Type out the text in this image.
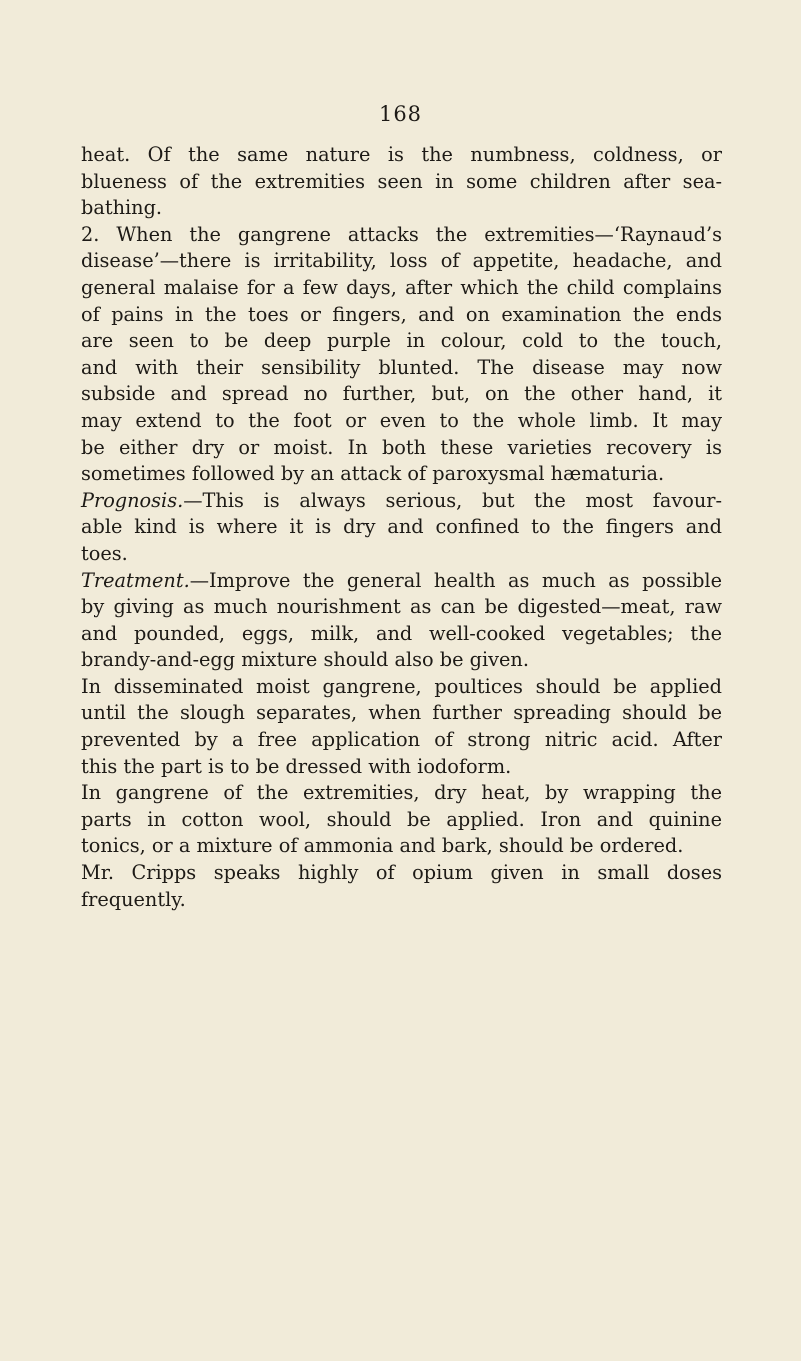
168
heat. Of the same nature is the numbness, coldness, or
blueness of the extremities seen in some children after sea-
bathing.
2. When the gangrene attacks the extremities—‘Raynaud’s
disease’—there is irritability, loss of appetite, headache, and
general malaise for a few days, after which the child complains
of pains in the toes or fingers, and on examination the ends
are seen to be deep purple in colour, cold to the touch,
and with their sensibility blunted. The disease may now
subside and spread no further, but, on the other hand, it
may extend to the foot or even to the whole limb. It may
be either dry or moist. In both these varieties recovery is
sometimes followed by an attack of paroxysmal hæmaturia.
Prognosis.—This is always serious, but the most favour-
able kind is where it is dry and confined to the fingers and
toes.
Treatment.—Improve the general health as much as possible
by giving as much nourishment as can be digested—meat, raw
and pounded, eggs, milk, and well-cooked vegetables; the
brandy-and-egg mixture should also be given.
In disseminated moist gangrene, poultices should be applied
until the slough separates, when further spreading should be
prevented by a free application of strong nitric acid. After
this the part is to be dressed with iodoform.
In gangrene of the extremities, dry heat, by wrapping the
parts in cotton wool, should be applied. Iron and quinine
tonics, or a mixture of ammonia and bark, should be ordered.
Mr. Cripps speaks highly of opium given in small doses
frequently.
